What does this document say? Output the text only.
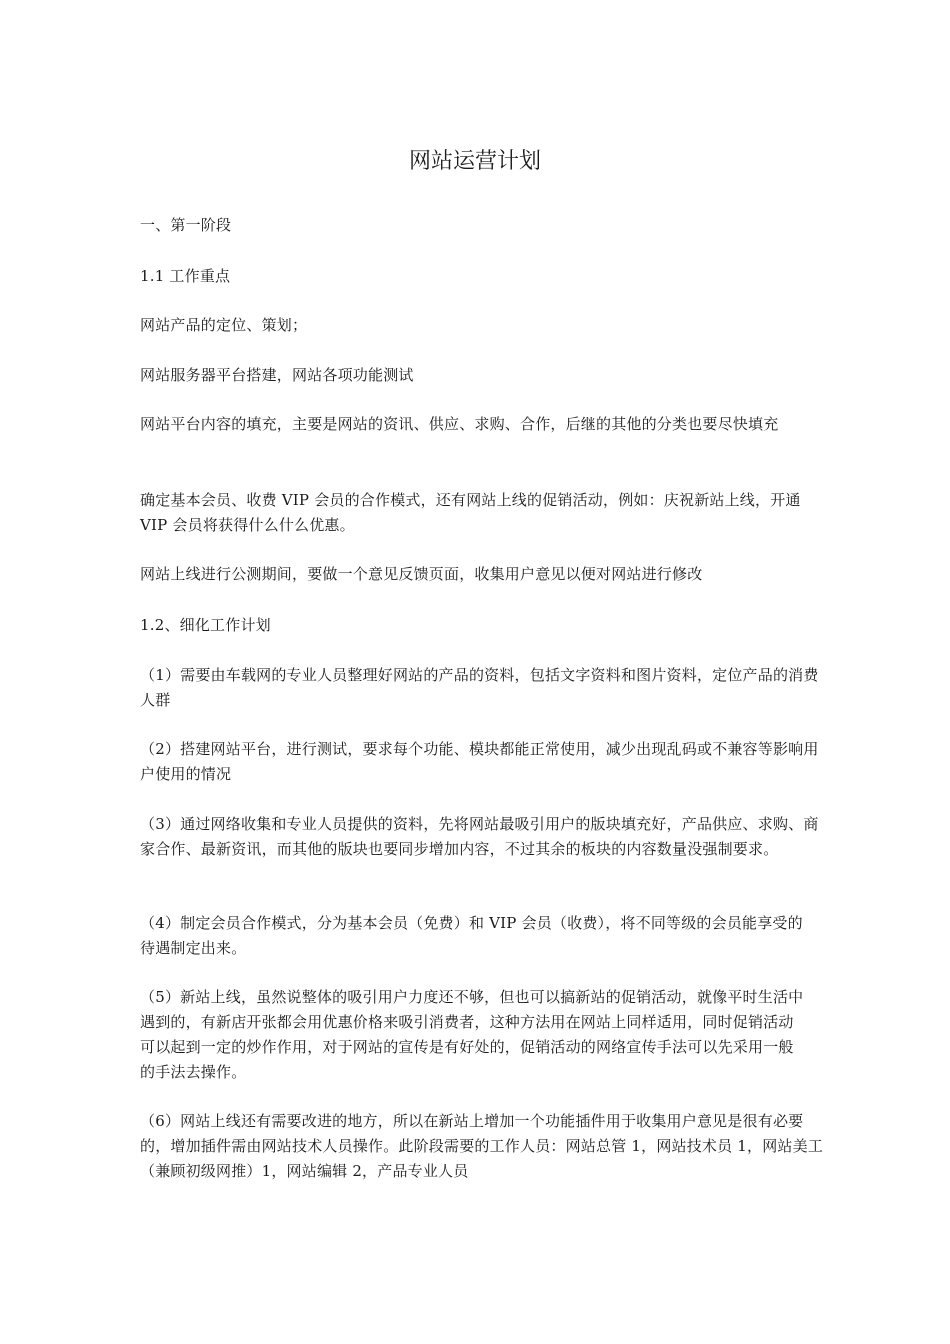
网站运营计划

一、第一阶段

1.1 工作重点

网站产品的定位、策划；

网站服务器平台搭建，网站各项功能测试

网站平台内容的填充，主要是网站的资讯、供应、求购、合作，后继的其他的分类也要尽快填充

确定基本会员、收费 VIP 会员的合作模式，还有网站上线的促销活动，例如：庆祝新站上线，开通 VIP 会员将获得什么什么优惠。

网站上线进行公测期间，要做一个意见反馈页面，收集用户意见以便对网站进行修改

1.2、细化工作计划

（1）需要由车载网的专业人员整理好网站的产品的资料，包括文字资料和图片资料，定位产品的消费人群

（2）搭建网站平台，进行测试，要求每个功能、模块都能正常使用，减少出现乱码或不兼容等影响用户使用的情况

（3）通过网络收集和专业人员提供的资料，先将网站最吸引用户的版块填充好，产品供应、求购、商家合作、最新资讯，而其他的版块也要同步增加内容，不过其余的板块的内容数量没强制要求。

（4）制定会员合作模式，分为基本会员（免费）和 VIP 会员（收费），将不同等级的会员能享受的待遇制定出来。

（5）新站上线，虽然说整体的吸引用户力度还不够，但也可以搞新站的促销活动，就像平时生活中遇到的，有新店开张都会用优惠价格来吸引消费者，这种方法用在网站上同样适用，同时促销活动可以起到一定的炒作作用，对于网站的宣传是有好处的，促销活动的网络宣传手法可以先采用一般的手法去操作。

（6）网站上线还有需要改进的地方，所以在新站上增加一个功能插件用于收集用户意见是很有必要的，增加插件需由网站技术人员操作。此阶段需要的工作人员：网站总管 1，网站技术员 1，网站美工（兼顾初级网推）1，网站编辑 2，产品专业人员
